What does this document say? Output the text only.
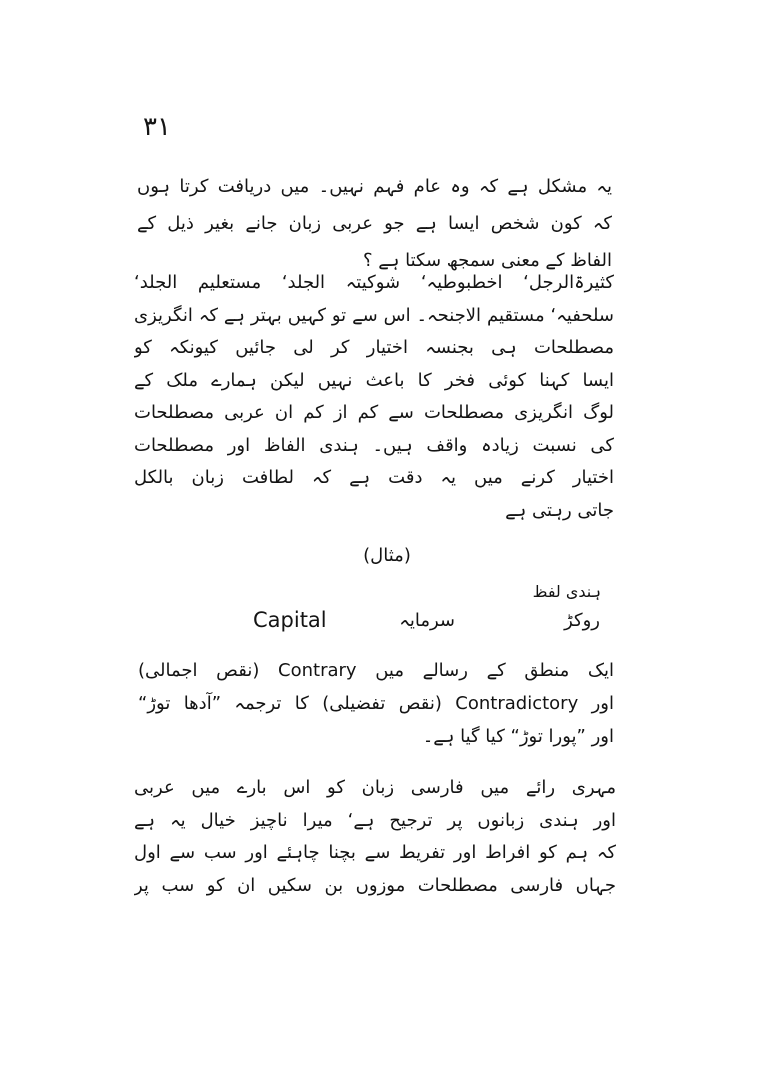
۳۱
یہ مشکل ہے کہ وہ عام فہم نہیں۔ میں دریافت کرتا ہوں
کہ کون شخص ایسا ہے جو عربی زبان جانے بغیر ذیل کے
الفاظ کے معنی سمجھ سکتا ہے ؟
کثیرۃالرجل‘ اخطبوطیہ‘ شوکیتہ الجلد‘ مستعلیم الجلد‘
سلحفیہ‘ مستقیم الاجنحہ۔ اس سے تو کہیں بہتر ہے کہ انگریزی
مصطلحات ہی بجنسہ اختیار کر لی جائیں کیونکہ کو
ایسا کہنا کوئی فخر کا باعث نہیں لیکن ہمارے ملک کے
لوگ انگریزی مصطلحات سے کم از کم ان عربی مصطلحات
کی نسبت زیادہ واقف ہیں۔ ہندی الفاظ اور مصطلحات
اختیار کرنے میں یہ دقت ہے کہ لطافت زبان بالکل
جاتی رہتی ہے
(مثال)
ہندی لفظ
روکڑ
سرمایہ
Capital
ایک منطق کے رسالے میں Contrary (نقص اجمالی)
اور Contradictory (نقص تفضیلی) کا ترجمہ ”آدھا توڑ“
اور ”پورا توڑ“ کیا گیا ہے۔
مہری رائے میں فارسی زبان کو اس بارے میں عربی
اور ہندی زبانوں پر ترجیح ہے‘ میرا ناچیز خیال یہ ہے
کہ ہم کو افراط اور تفریط سے بچنا چاہئے اور سب سے اول
جہاں فارسی مصطلحات موزوں بن سکیں ان کو سب پر
